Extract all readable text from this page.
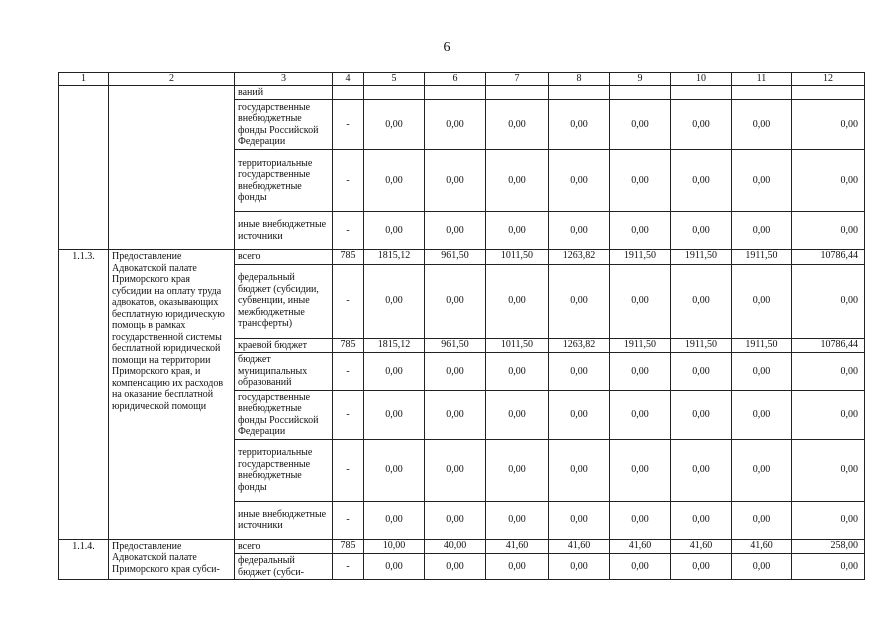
6
1	2	3	4	5	6	7	8	9	10	11	12
		ваний									
		государственные внебюджетные фонды Российской Федерации	-	0,00	0,00	0,00	0,00	0,00	0,00	0,00	0,00
		территориальные государственные внебюджетные фонды	-	0,00	0,00	0,00	0,00	0,00	0,00	0,00	0,00
		иные внебюджетные источники	-	0,00	0,00	0,00	0,00	0,00	0,00	0,00	0,00
1.1.3.	Предоставление Адвокатской палате Приморского края субсидии на оплату труда адвокатов, оказывающих бесплатную юридическую помощь в рамках государственной системы бесплатной юридической помощи на территории Приморского края, и компенсацию их расходов на оказание бесплатной юридической помощи	всего	785	1815,12	961,50	1011,50	1263,82	1911,50	1911,50	1911,50	10786,44
		федеральный бюджет (субсидии, субвенции, иные межбюджетные трансферты)	-	0,00	0,00	0,00	0,00	0,00	0,00	0,00	0,00
		краевой бюджет	785	1815,12	961,50	1011,50	1263,82	1911,50	1911,50	1911,50	10786,44
		бюджет муниципальных образований	-	0,00	0,00	0,00	0,00	0,00	0,00	0,00	0,00
		государственные внебюджетные фонды Российской Федерации	-	0,00	0,00	0,00	0,00	0,00	0,00	0,00	0,00
		территориальные государственные внебюджетные фонды	-	0,00	0,00	0,00	0,00	0,00	0,00	0,00	0,00
		иные внебюджетные источники	-	0,00	0,00	0,00	0,00	0,00	0,00	0,00	0,00
1.1.4.	Предоставление Адвокатской палате Приморского края субси-	всего	785	10,00	40,00	41,60	41,60	41,60	41,60	41,60	258,00
		федеральный бюджет (субси-	-	0,00	0,00	0,00	0,00	0,00	0,00	0,00	0,00
